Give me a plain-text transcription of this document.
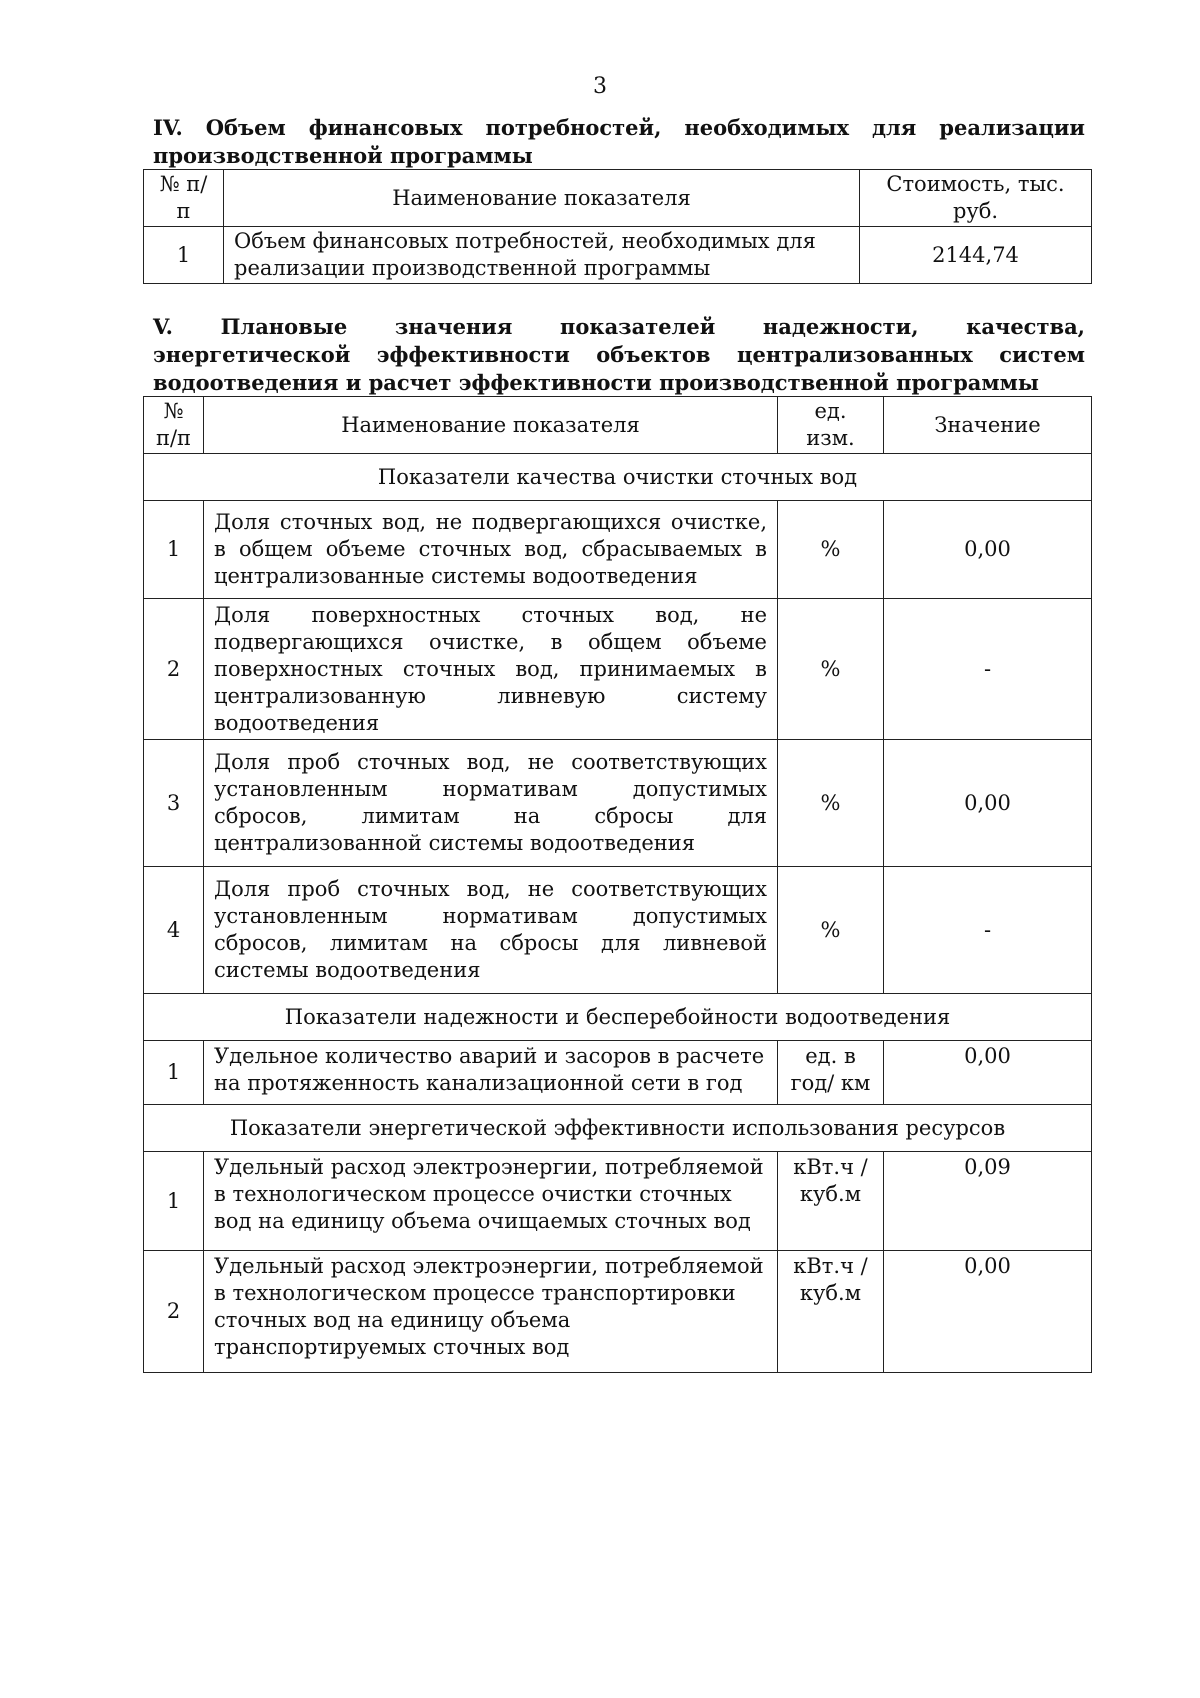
3
IV. Объем финансовых потребностей, необходимых для реализации производственной программы
№ п/п	Наименование показателя	Стоимость, тыс. руб.
1	Объем финансовых потребностей, необходимых для реализации производственной программы	2144,74
V. Плановые значения показателей надежности, качества, энергетической эффективности объектов централизованных систем водоотведения и расчет эффективности производственной программы
№ п/п	Наименование показателя	ед. изм.	Значение
Показатели качества очистки сточных вод			
1	Доля сточных вод, не подвергающихся очистке, в общем объеме сточных вод, сбрасываемых в централизованные системы водоотведения	%	0,00
2	Доля поверхностных сточных вод, не подвергающихся очистке, в общем объеме поверхностных сточных вод, принимаемых в централизованную ливневую систему водоотведения	%	-
3	Доля проб сточных вод, не соответствующих установленным нормативам допустимых сбросов, лимитам на сбросы для централизованной системы водоотведения	%	0,00
4	Доля проб сточных вод, не соответствующих установленным нормативам допустимых сбросов, лимитам на сбросы для ливневой системы водоотведения	%	-
Показатели надежности и бесперебойности водоотведения			
1	Удельное количество аварий и засоров в расчете на протяженность канализационной сети в год	ед. в год/ км	0,00
Показатели энергетической эффективности использования ресурсов			
1	Удельный расход электроэнергии, потребляемой в технологическом процессе очистки сточных вод на единицу объема очищаемых сточных вод	кВт.ч / куб.м	0,09
2	Удельный расход электроэнергии, потребляемой в технологическом процессе транспортировки сточных вод на единицу объема транспортируемых сточных вод	кВт.ч / куб.м	0,00
